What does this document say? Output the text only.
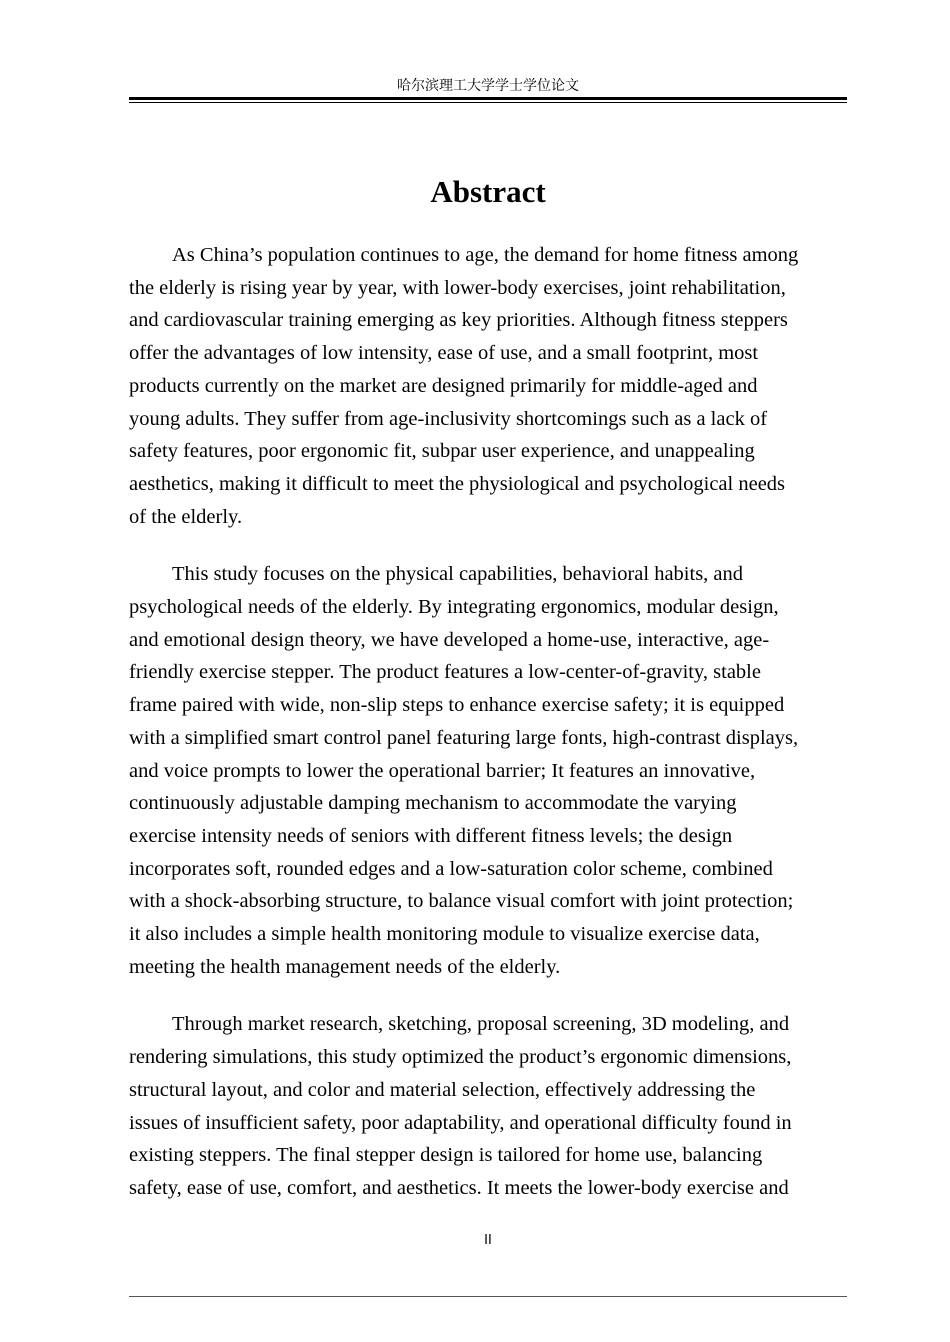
哈尔滨理工大学学士学位论文
Abstract

As China’s population continues to age, the demand for home fitness among
the elderly is rising year by year, with lower-body exercises, joint rehabilitation,
and cardiovascular training emerging as key priorities. Although fitness steppers
offer the advantages of low intensity, ease of use, and a small footprint, most
products currently on the market are designed primarily for middle-aged and
young adults. They suffer from age-inclusivity shortcomings such as a lack of
safety features, poor ergonomic fit, subpar user experience, and unappealing
aesthetics, making it difficult to meet the physiological and psychological needs
of the elderly.

This study focuses on the physical capabilities, behavioral habits, and
psychological needs of the elderly. By integrating ergonomics, modular design,
and emotional design theory, we have developed a home-use, interactive, age-
friendly exercise stepper. The product features a low-center-of-gravity, stable
frame paired with wide, non-slip steps to enhance exercise safety; it is equipped
with a simplified smart control panel featuring large fonts, high-contrast displays,
and voice prompts to lower the operational barrier; It features an innovative,
continuously adjustable damping mechanism to accommodate the varying
exercise intensity needs of seniors with different fitness levels; the design
incorporates soft, rounded edges and a low-saturation color scheme, combined
with a shock-absorbing structure, to balance visual comfort with joint protection;
it also includes a simple health monitoring module to visualize exercise data,
meeting the health management needs of the elderly.

Through market research, sketching, proposal screening, 3D modeling, and
rendering simulations, this study optimized the product’s ergonomic dimensions,
structural layout, and color and material selection, effectively addressing the
issues of insufficient safety, poor adaptability, and operational difficulty found in
existing steppers. The final stepper design is tailored for home use, balancing
safety, ease of use, comfort, and aesthetics. It meets the lower-body exercise and

II
